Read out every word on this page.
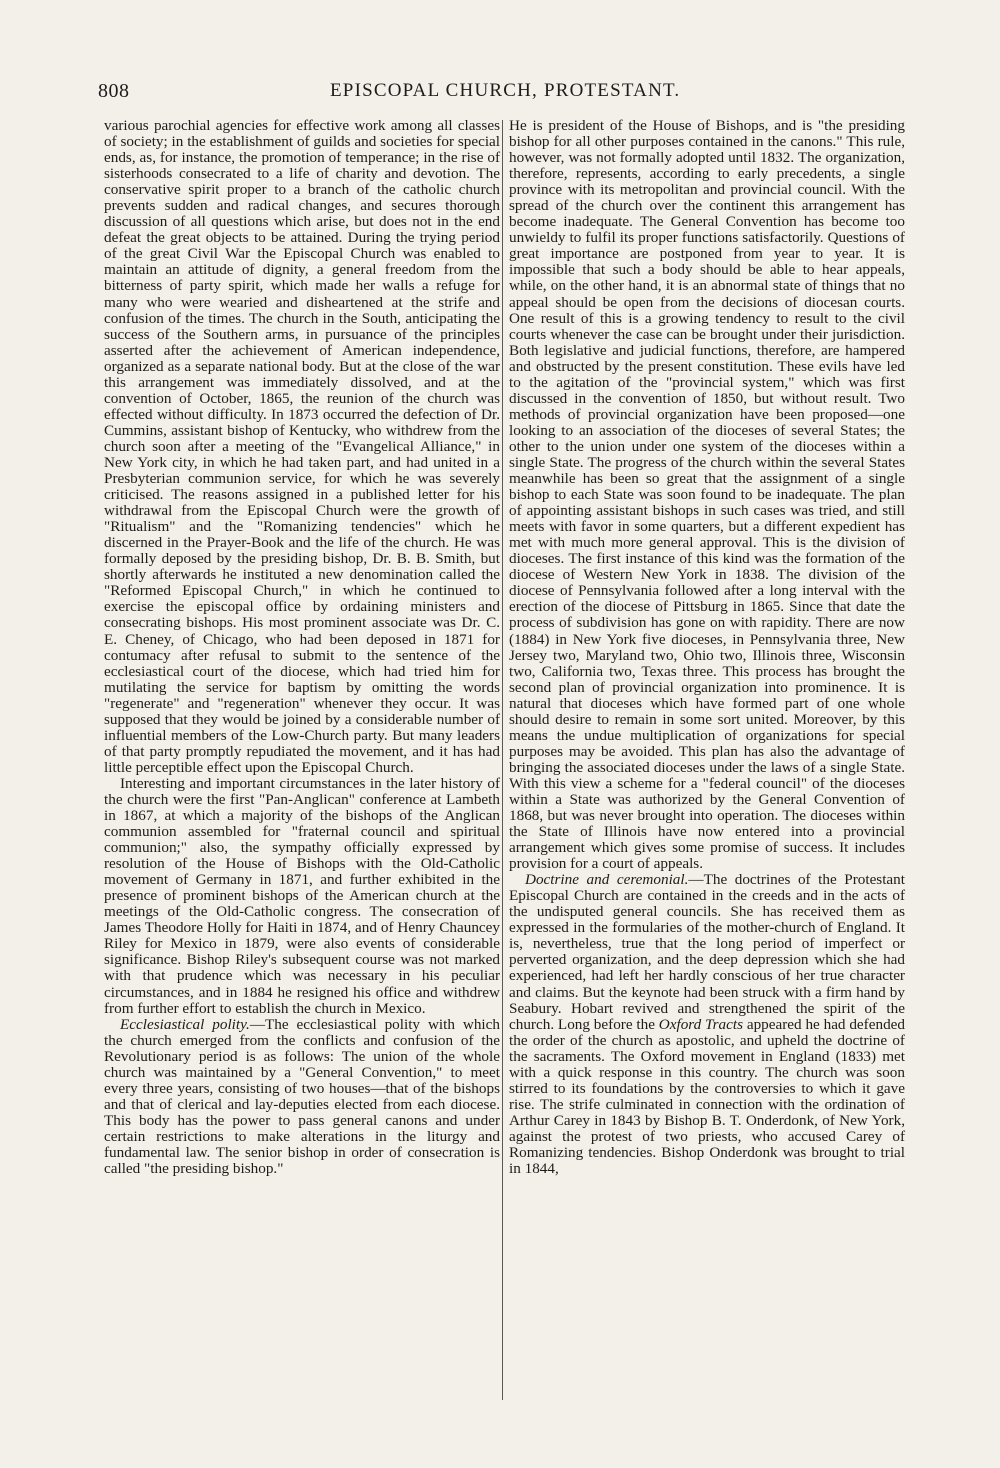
808	EPISCOPAL CHURCH, PROTESTANT.

various parochial agencies for effective work among all classes of society; in the establishment of guilds and societies for special ends, as, for instance, the promotion of temperance; in the rise of sisterhoods consecrated to a life of charity and devotion. The conservative spirit proper to a branch of the catholic church prevents sudden and radical changes, and secures thorough discussion of all questions which arise, but does not in the end defeat the great objects to be attained. During the trying period of the great Civil War the Episcopal Church was enabled to maintain an attitude of dignity, a general freedom from the bitterness of party spirit, which made her walls a refuge for many who were wearied and disheartened at the strife and confusion of the times. The church in the South, anticipating the success of the Southern arms, in pursuance of the principles asserted after the achievement of American independence, organized as a separate national body. But at the close of the war this arrangement was immediately dissolved, and at the convention of October, 1865, the reunion of the church was effected without difficulty. In 1873 occurred the defection of Dr. Cummins, assistant bishop of Kentucky, who withdrew from the church soon after a meeting of the "Evangelical Alliance," in New York city, in which he had taken part, and had united in a Presbyterian communion service, for which he was severely criticised. The reasons assigned in a published letter for his withdrawal from the Episcopal Church were the growth of "Ritualism" and the "Romanizing tendencies" which he discerned in the Prayer-Book and the life of the church. He was formally deposed by the presiding bishop, Dr. B. B. Smith, but shortly afterwards he instituted a new denomination called the "Reformed Episcopal Church," in which he continued to exercise the episcopal office by ordaining ministers and consecrating bishops. His most prominent associate was Dr. C. E. Cheney, of Chicago, who had been deposed in 1871 for contumacy after refusal to submit to the sentence of the ecclesiastical court of the diocese, which had tried him for mutilating the service for baptism by omitting the words "regenerate" and "regeneration" whenever they occur. It was supposed that they would be joined by a considerable number of influential members of the Low-Church party. But many leaders of that party promptly repudiated the movement, and it has had little perceptible effect upon the Episcopal Church.

Interesting and important circumstances in the later history of the church were the first "Pan-Anglican" conference at Lambeth in 1867, at which a majority of the bishops of the Anglican communion assembled for "fraternal council and spiritual communion;" also, the sympathy officially expressed by resolution of the House of Bishops with the Old-Catholic movement of Germany in 1871, and further exhibited in the presence of prominent bishops of the American church at the meetings of the Old-Catholic congress. The consecration of James Theodore Holly for Haiti in 1874, and of Henry Chauncey Riley for Mexico in 1879, were also events of considerable significance. Bishop Riley's subsequent course was not marked with that prudence which was necessary in his peculiar circumstances, and in 1884 he resigned his office and withdrew from further effort to establish the church in Mexico.

Ecclesiastical polity.—The ecclesiastical polity with which the church emerged from the conflicts and confusion of the Revolutionary period is as follows: The union of the whole church was maintained by a "General Convention," to meet every three years, consisting of two houses—that of the bishops and that of clerical and lay-deputies elected from each diocese. This body has the power to pass general canons and under certain restrictions to make alterations in the liturgy and fundamental law. The senior bishop in order of consecration is called "the presiding bishop."

He is president of the House of Bishops, and is "the presiding bishop for all other purposes contained in the canons." This rule, however, was not formally adopted until 1832. The organization, therefore, represents, according to early precedents, a single province with its metropolitan and provincial council. With the spread of the church over the continent this arrangement has become inadequate. The General Convention has become too unwieldy to fulfil its proper functions satisfactorily. Questions of great importance are postponed from year to year. It is impossible that such a body should be able to hear appeals, while, on the other hand, it is an abnormal state of things that no appeal should be open from the decisions of diocesan courts. One result of this is a growing tendency to result to the civil courts whenever the case can be brought under their jurisdiction. Both legislative and judicial functions, therefore, are hampered and obstructed by the present constitution. These evils have led to the agitation of the "provincial system," which was first discussed in the convention of 1850, but without result. Two methods of provincial organization have been proposed—one looking to an association of the dioceses of several States; the other to the union under one system of the dioceses within a single State. The progress of the church within the several States meanwhile has been so great that the assignment of a single bishop to each State was soon found to be inadequate. The plan of appointing assistant bishops in such cases was tried, and still meets with favor in some quarters, but a different expedient has met with much more general approval. This is the division of dioceses. The first instance of this kind was the formation of the diocese of Western New York in 1838. The division of the diocese of Pennsylvania followed after a long interval with the erection of the diocese of Pittsburg in 1865. Since that date the process of subdivision has gone on with rapidity. There are now (1884) in New York five dioceses, in Pennsylvania three, New Jersey two, Maryland two, Ohio two, Illinois three, Wisconsin two, California two, Texas three. This process has brought the second plan of provincial organization into prominence. It is natural that dioceses which have formed part of one whole should desire to remain in some sort united. Moreover, by this means the undue multiplication of organizations for special purposes may be avoided. This plan has also the advantage of bringing the associated dioceses under the laws of a single State. With this view a scheme for a "federal council" of the dioceses within a State was authorized by the General Convention of 1868, but was never brought into operation. The dioceses within the State of Illinois have now entered into a provincial arrangement which gives some promise of success. It includes provision for a court of appeals.

Doctrine and ceremonial.—The doctrines of the Protestant Episcopal Church are contained in the creeds and in the acts of the undisputed general councils. She has received them as expressed in the formularies of the mother-church of England. It is, nevertheless, true that the long period of imperfect or perverted organization, and the deep depression which she had experienced, had left her hardly conscious of her true character and claims. But the keynote had been struck with a firm hand by Seabury. Hobart revived and strengthened the spirit of the church. Long before the Oxford Tracts appeared he had defended the order of the church as apostolic, and upheld the doctrine of the sacraments. The Oxford movement in England (1833) met with a quick response in this country. The church was soon stirred to its foundations by the controversies to which it gave rise. The strife culminated in connection with the ordination of Arthur Carey in 1843 by Bishop B. T. Onderdonk, of New York, against the protest of two priests, who accused Carey of Romanizing tendencies. Bishop Onderdonk was brought to trial in 1844,
